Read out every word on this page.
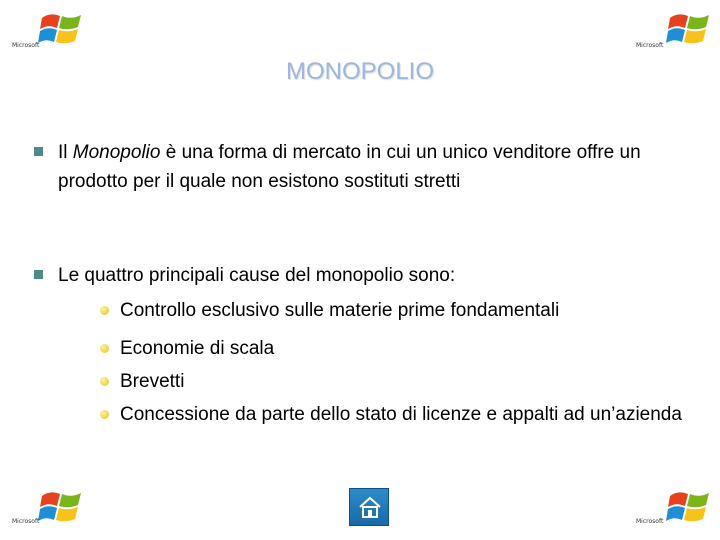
Microsoft	Microsoft
Microsoft	Microsoft
MONOPOLIO
Il Monopolio è una forma di mercato in cui un unico venditore offre un prodotto per il quale non esistono sostituti stretti
Le quattro principali cause del monopolio sono:
Controllo esclusivo sulle materie prime fondamentali
Economie di scala
Brevetti
Concessione da parte dello stato di licenze e appalti ad un’azienda
